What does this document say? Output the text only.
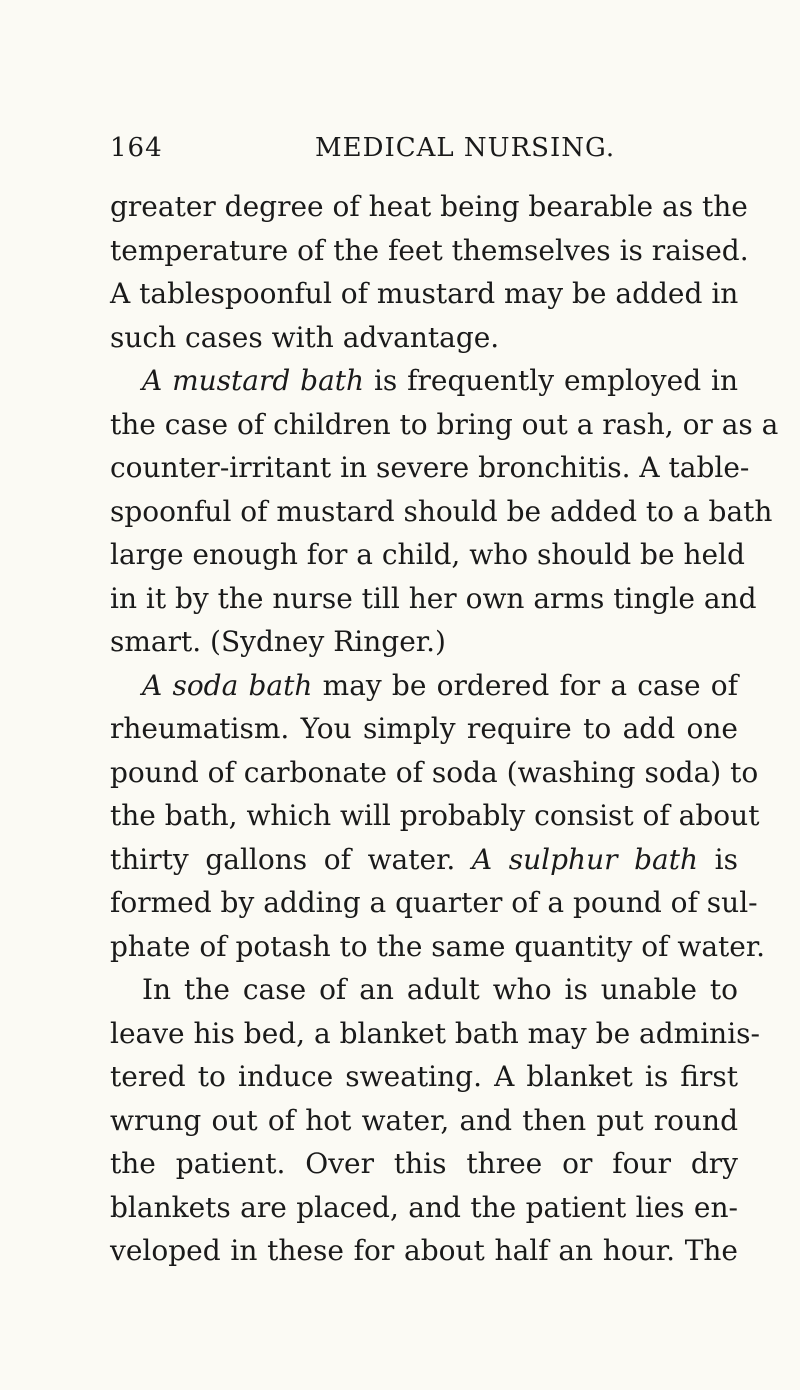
164	MEDICAL NURSING.
greater degree of heat being bearable as the
temperature of the feet themselves is raised.
A tablespoonful of mustard may be added in
such cases with advantage.
A mustard bath is frequently employed in
the case of children to bring out a rash, or as a
counter-irritant in severe bronchitis. A table-
spoonful of mustard should be added to a bath
large enough for a child, who should be held
in it by the nurse till her own arms tingle and
smart. (Sydney Ringer.)
A soda bath may be ordered for a case of
rheumatism. You simply require to add one
pound of carbonate of soda (washing soda) to
the bath, which will probably consist of about
thirty gallons of water. A sulphur bath is
formed by adding a quarter of a pound of sul-
phate of potash to the same quantity of water.
In the case of an adult who is unable to
leave his bed, a blanket bath may be adminis-
tered to induce sweating. A blanket is first
wrung out of hot water, and then put round
the patient. Over this three or four dry
blankets are placed, and the patient lies en-
veloped in these for about half an hour. The
